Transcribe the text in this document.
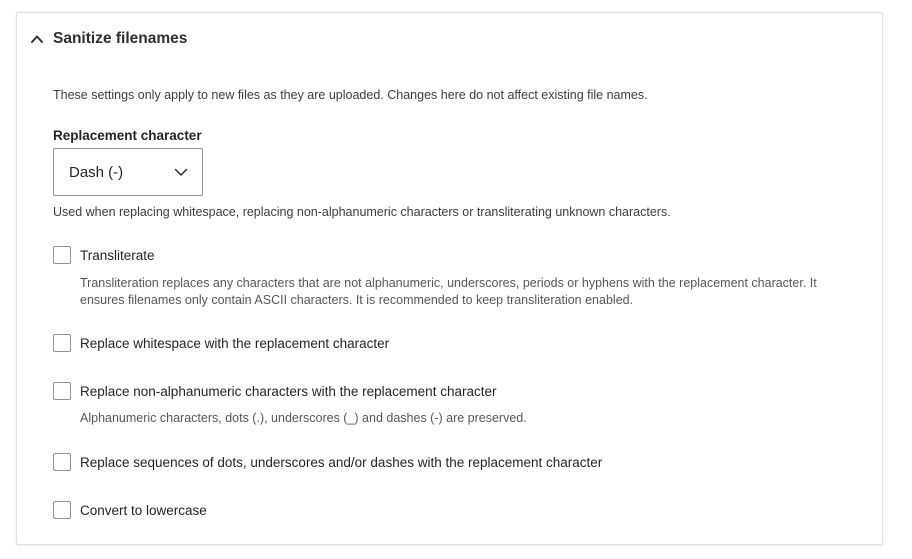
Sanitize filenames
These settings only apply to new files as they are uploaded. Changes here do not affect existing file names.
Replacement character
Dash (-)
Used when replacing whitespace, replacing non-alphanumeric characters or transliterating unknown characters.
Transliterate
Transliteration replaces any characters that are not alphanumeric, underscores, periods or hyphens with the replacement character. It
ensures filenames only contain ASCII characters. It is recommended to keep transliteration enabled.
Replace whitespace with the replacement character
Replace non-alphanumeric characters with the replacement character
Alphanumeric characters, dots (.), underscores (_) and dashes (-) are preserved.
Replace sequences of dots, underscores and/or dashes with the replacement character
Convert to lowercase
